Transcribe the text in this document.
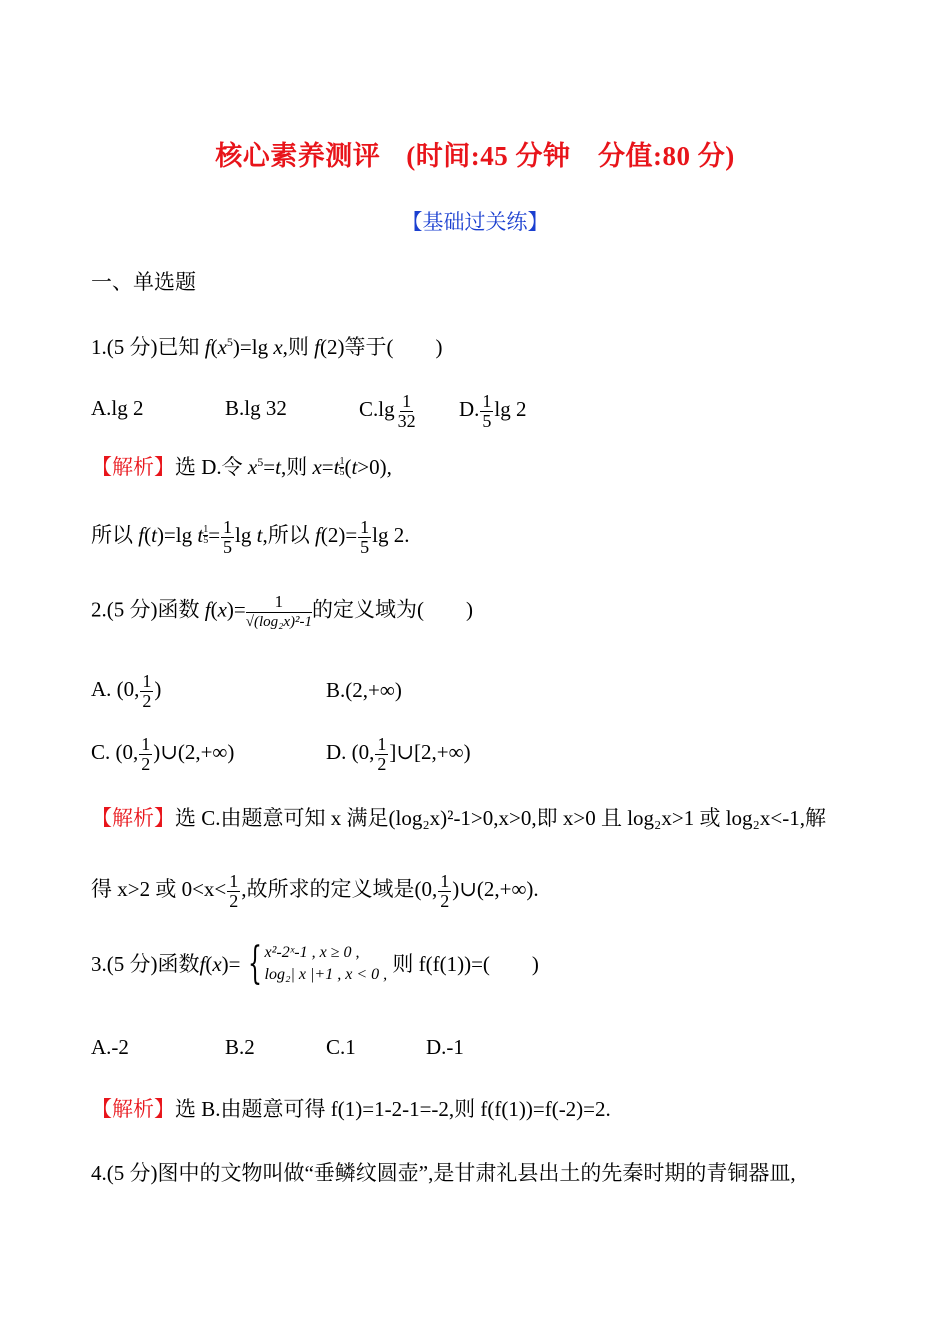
核心素养测评 (时间:45 分钟　分值:80 分)
【基础过关练】
一、单选题
1.(5 分)已知 $f(x^5)=\lg$ x,则 f(2)等于(　　)
A.lg 2	B.lg 32	$C.\lg \frac{1}{32} D$. $\frac{1}{5}$ lg 2
【解析】选 D.令 $x^5=t$,则 $x=t \frac{1}{5} (t>0)$,
所以 f(t)=lg t $\frac{1}{5} = \frac{1}{5}$ lg t,所以 $f(2)= \frac{1}{5}$ lg 2.
2.(5 分)函数 $f(x)= \frac{1}{\text{√(log₂x)²-1}}$ 的定义域为(　　)
A. (0, $\frac{1}{2}$ )	B.(2,+∞)
C. (0, $\frac{1}{2}$ )∪(2,+∞)	D. (0, $\frac{1}{2}$ ]∪[2,+∞)
【解析】选 C.由题意可知 x 满足(log₂x)²-1>0,x>0,即 x>0 且 log₂x>1 或 log₂x<-1,解
得 x>2 或 $0<x< \frac{1}{2}$ ,故所求的定义域是(0, $\frac{1}{2}$ )∪(2,+∞).
3.(5 分)函数 f ( x )= { x²-2ˣ-1 , x ≥ 0 ,
log₂| x |+1 , x < 0 ,
则 f(f(1))=(　　)
A.-2	B.2	C.1	D.-1
【解析】选 B.由题意可得 f(1)=1-2-1=-2,则 f(f(1))=f(-2)=2.
4.(5 分)图中的文物叫做“垂鳞纹圆壶”,是甘肃礼县出土的先秦时期的青铜器皿,
